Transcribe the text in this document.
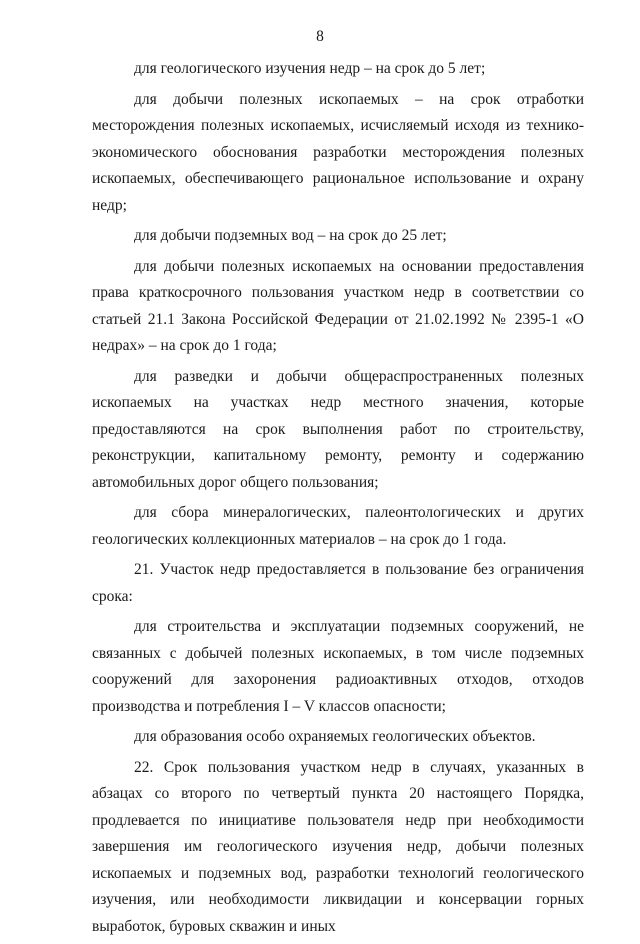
8

для геологического изучения недр – на срок до 5 лет;

для добычи полезных ископаемых – на срок отработки месторождения полезных ископаемых, исчисляемый исходя из технико-экономического обоснования разработки месторождения полезных ископаемых, обеспечивающего рациональное использование и охрану недр;

для добычи подземных вод – на срок до 25 лет;

для добычи полезных ископаемых на основании предоставления права краткосрочного пользования участком недр в соответствии со статьей 21.1 Закона Российской Федерации от 21.02.1992 № 2395-1 «О недрах» – на срок до 1 года;

для разведки и добычи общераспространенных полезных ископаемых на участках недр местного значения, которые предоставляются на срок выполнения работ по строительству, реконструкции, капитальному ремонту, ремонту и содержанию автомобильных дорог общего пользования;

для сбора минералогических, палеонтологических и других геологических коллекционных материалов – на срок до 1 года.

21. Участок недр предоставляется в пользование без ограничения срока:

для строительства и эксплуатации подземных сооружений, не связанных с добычей полезных ископаемых, в том числе подземных сооружений для захоронения радиоактивных отходов, отходов производства и потребления I – V классов опасности;

для образования особо охраняемых геологических объектов.

22. Срок пользования участком недр в случаях, указанных в абзацах со второго по четвертый пункта 20 настоящего Порядка, продлевается по инициативе пользователя недр при необходимости завершения им геологического изучения недр, добычи полезных ископаемых и подземных вод, разработки технологий геологического изучения, или необходимости ликвидации и консервации горных выработок, буровых скважин и иных
